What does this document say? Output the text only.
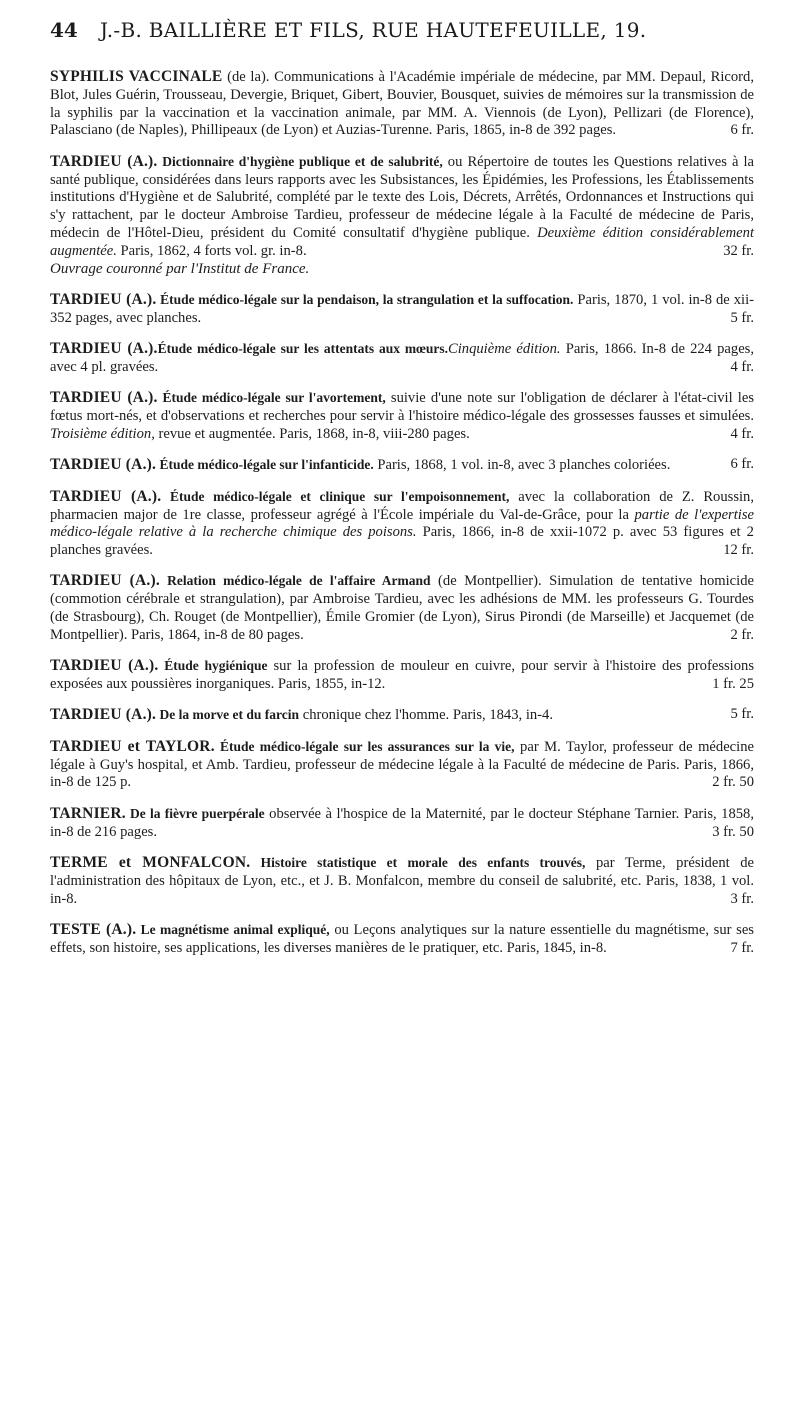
44 J.-B. BAILLIÈRE ET FILS, RUE HAUTEFEUILLE, 19.
SYPHILIS VACCINALE (de la). Communications à l'Académie impériale de médecine, par MM. Depaul, Ricord, Blot, Jules Guérin, Trousseau, Devergie, Briquet, Gibert, Bouvier, Bousquet, suivies de mémoires sur la transmission de la syphilis par la vaccination et la vaccination animale, par MM. A. Viennois (de Lyon), Pellizari (de Florence), Palasciano (de Naples), Phillipeaux (de Lyon) et Auzias-Turenne. Paris, 1865, in-8 de 392 pages.	6 fr.
TARDIEU (A.). Dictionnaire d'hygiène publique et de salubrité, ou Répertoire de toutes les Questions relatives à la santé publique, considérées dans leurs rapports avec les Subsistances, les Épidémies, les Professions, les Établissements institutions d'Hygiène et de Salubrité, complété par le texte des Lois, Décrets, Arrêtés, Ordonnances et Instructions qui s'y rattachent, par le docteur Ambroise Tardieu, professeur de médecine légale à la Faculté de médecine de Paris, médecin de l'Hôtel-Dieu, président du Comité consultatif d'hygiène publique. Deuxième édition considérablement augmentée. Paris, 1862, 4 forts vol. gr. in-8.	32 fr.
Ouvrage couronné par l'Institut de France.
TARDIEU (A.). Étude médico-légale sur la pendaison, la strangulation et la suffocation. Paris, 1870, 1 vol. in-8 de xii-352 pages, avec planches.	5 fr.
TARDIEU (A.).Étude médico-légale sur les attentats aux mœurs.Cinquième édition. Paris, 1866. In-8 de 224 pages, avec 4 pl. gravées.	4 fr.
TARDIEU (A.). Étude médico-légale sur l'avortement, suivie d'une note sur l'obligation de déclarer à l'état-civil les fœtus mort-nés, et d'observations et recherches pour servir à l'histoire médico-légale des grossesses fausses et simulées. Troisième édition, revue et augmentée. Paris, 1868, in-8, viii-280 pages.	4 fr.
TARDIEU (A.). Étude médico-légale sur l'infanticide. Paris, 1868, 1 vol. in-8, avec 3 planches coloriées.	6 fr.
TARDIEU (A.). Étude médico-légale et clinique sur l'empoisonnement, avec la collaboration de Z. Roussin, pharmacien major de 1re classe, professeur agrégé à l'École impériale du Val-de-Grâce, pour la partie de l'expertise médico-légale relative à la recherche chimique des poisons. Paris, 1866, in-8 de xxii-1072 p. avec 53 figures et 2 planches gravées.	12 fr.
TARDIEU (A.). Relation médico-légale de l'affaire Armand (de Montpellier). Simulation de tentative homicide (commotion cérébrale et strangulation), par Ambroise Tardieu, avec les adhésions de MM. les professeurs G. Tourdes (de Strasbourg), Ch. Rouget (de Montpellier), Émile Gromier (de Lyon), Sirus Pirondi (de Marseille) et Jacquemet (de Montpellier). Paris, 1864, in-8 de 80 pages.	2 fr.
TARDIEU (A.). Étude hygiénique sur la profession de mouleur en cuivre, pour servir à l'histoire des professions exposées aux poussières inorganiques. Paris, 1855, in-12.	1 fr. 25
TARDIEU (A.). De la morve et du farcin chronique chez l'homme. Paris, 1843, in-4.	5 fr.
TARDIEU et TAYLOR. Étude médico-légale sur les assurances sur la vie, par M. Taylor, professeur de médecine légale à Guy's hospital, et Amb. Tardieu, professeur de médecine légale à la Faculté de médecine de Paris. Paris, 1866, in-8 de 125 p.	2 fr. 50
TARNIER. De la fièvre puerpérale observée à l'hospice de la Maternité, par le docteur Stéphane Tarnier. Paris, 1858, in-8 de 216 pages.	3 fr. 50
TERME et MONFALCON. Histoire statistique et morale des enfants trouvés, par Terme, président de l'administration des hôpitaux de Lyon, etc., et J. B. Monfalcon, membre du conseil de salubrité, etc. Paris, 1838, 1 vol. in-8.	3 fr.
TESTE (A.). Le magnétisme animal expliqué, ou Leçons analytiques sur la nature essentielle du magnétisme, sur ses effets, son histoire, ses applications, les diverses manières de le pratiquer, etc. Paris, 1845, in-8.	7 fr.
